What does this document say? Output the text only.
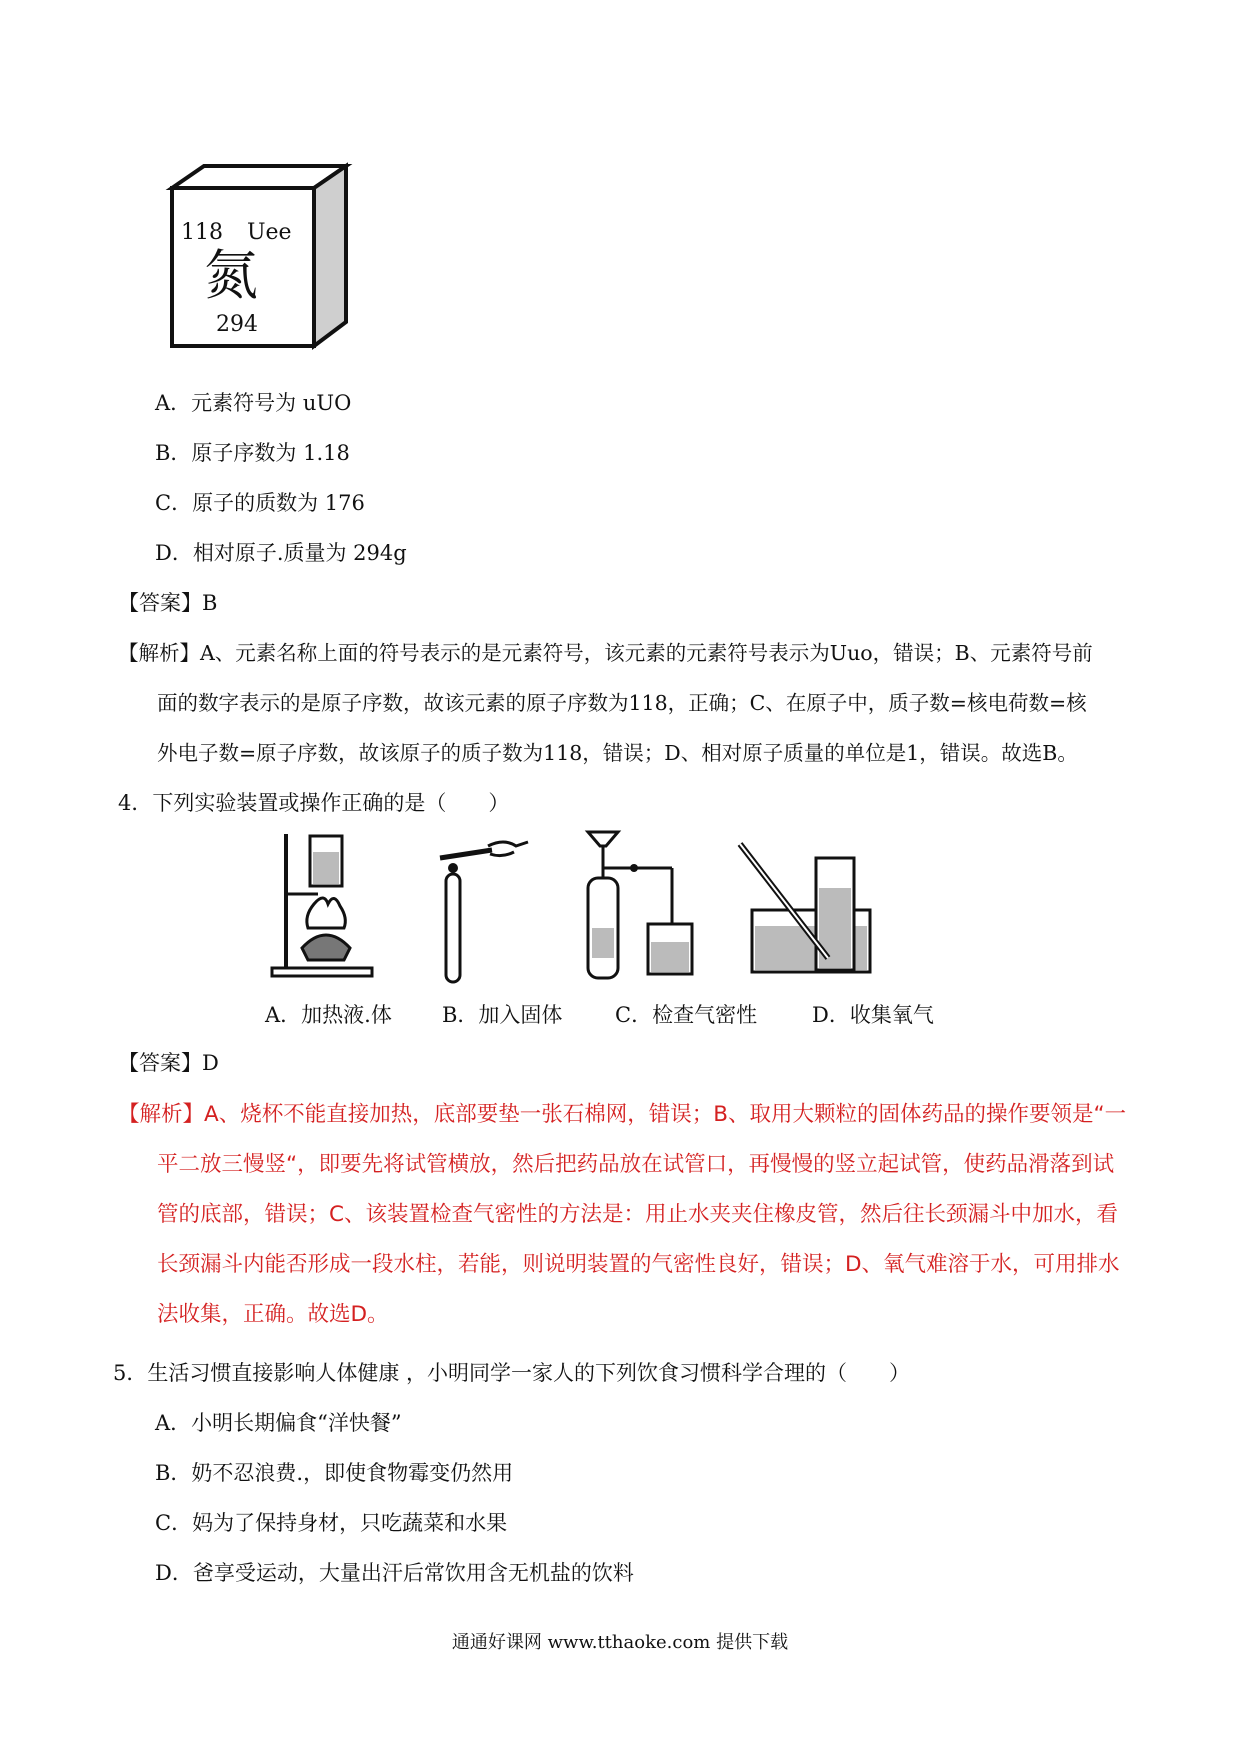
118 Uee
氮
294
A．元素符号为 uUO
B．原子序数为 1.18
C．原子的质数为 176
D．相对原子.质量为 294g
【答案】B
【解析】A、元素名称上面的符号表示的是元素符号，该元素的元素符号表示为Uuo，错误；B、元素符号前
面的数字表示的是原子序数，故该元素的原子序数为118，正确；C、在原子中，质子数=核电荷数=核
外电子数=原子序数，故该原子的质子数为118，错误；D、相对原子质量的单位是1，错误。故选B。
4．下列实验装置或操作正确的是（　　）
A．加热液.体 B．加入固体	C．检查气密性	D．收集氧气
【答案】D
【解析】A、烧杯不能直接加热，底部要垫一张石棉网，错误；B、取用大颗粒的固体药品的操作要领是“一
平二放三慢竖“，即要先将试管横放，然后把药品放在试管口，再慢慢的竖立起试管，使药品滑落到试
管的底部，错误；C、该装置检查气密性的方法是：用止水夹夹住橡皮管，然后往长颈漏斗中加水，看
长颈漏斗内能否形成一段水柱，若能，则说明装置的气密性良好，错误；D、氧气难溶于水，可用排水
法收集，正确。故选D。
5．生活习惯直接影响人体健康 ，小明同学一家人的下列饮食习惯科学合理的（　　）
A．小明长期偏食“洋快餐”
B．奶不忍浪费.，即使食物霉变仍然用
C．妈为了保持身材，只吃蔬菜和水果
D．爸享受运动，大量出汗后常饮用含无机盐的饮料
通通好课网 www.tthaoke.com 提供下载
